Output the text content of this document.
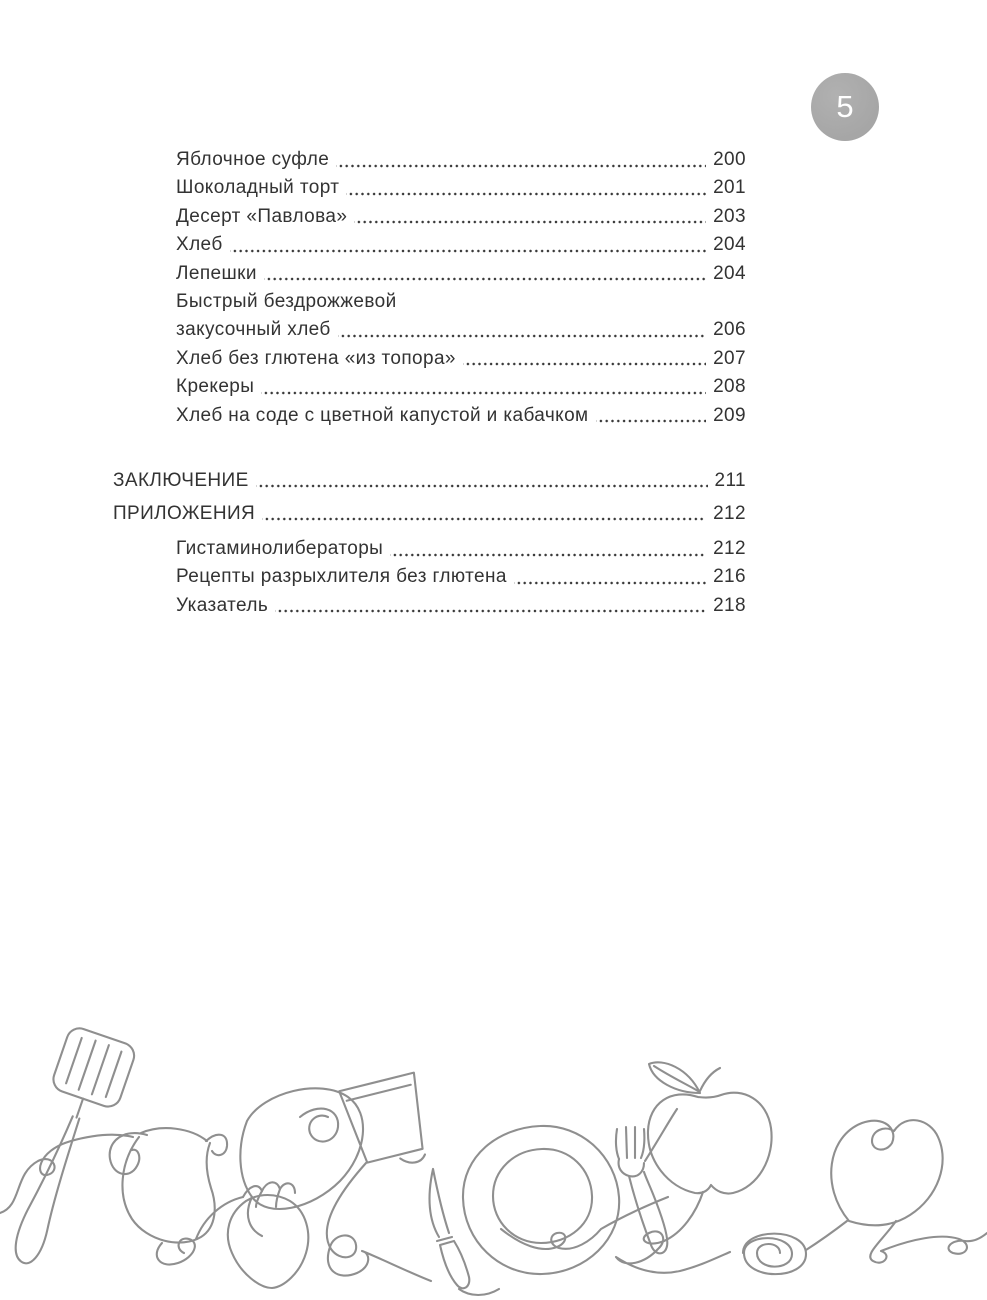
5
Яблочное суфле	200
Шоколадный торт	201
Десерт «Павлова»	203
Хлеб	204
Лепешки	204
Быстрый бездрожжевой
закусочный хлеб	206
Хлеб без глютена «из топора»	207
Крекеры	208
Хлеб на соде с цветной капустой и кабачком	209
ЗАКЛЮЧЕНИЕ	211
ПРИЛОЖЕНИЯ	212
Гистаминолибераторы	212
Рецепты разрыхлителя без глютена	216
Указатель	218
